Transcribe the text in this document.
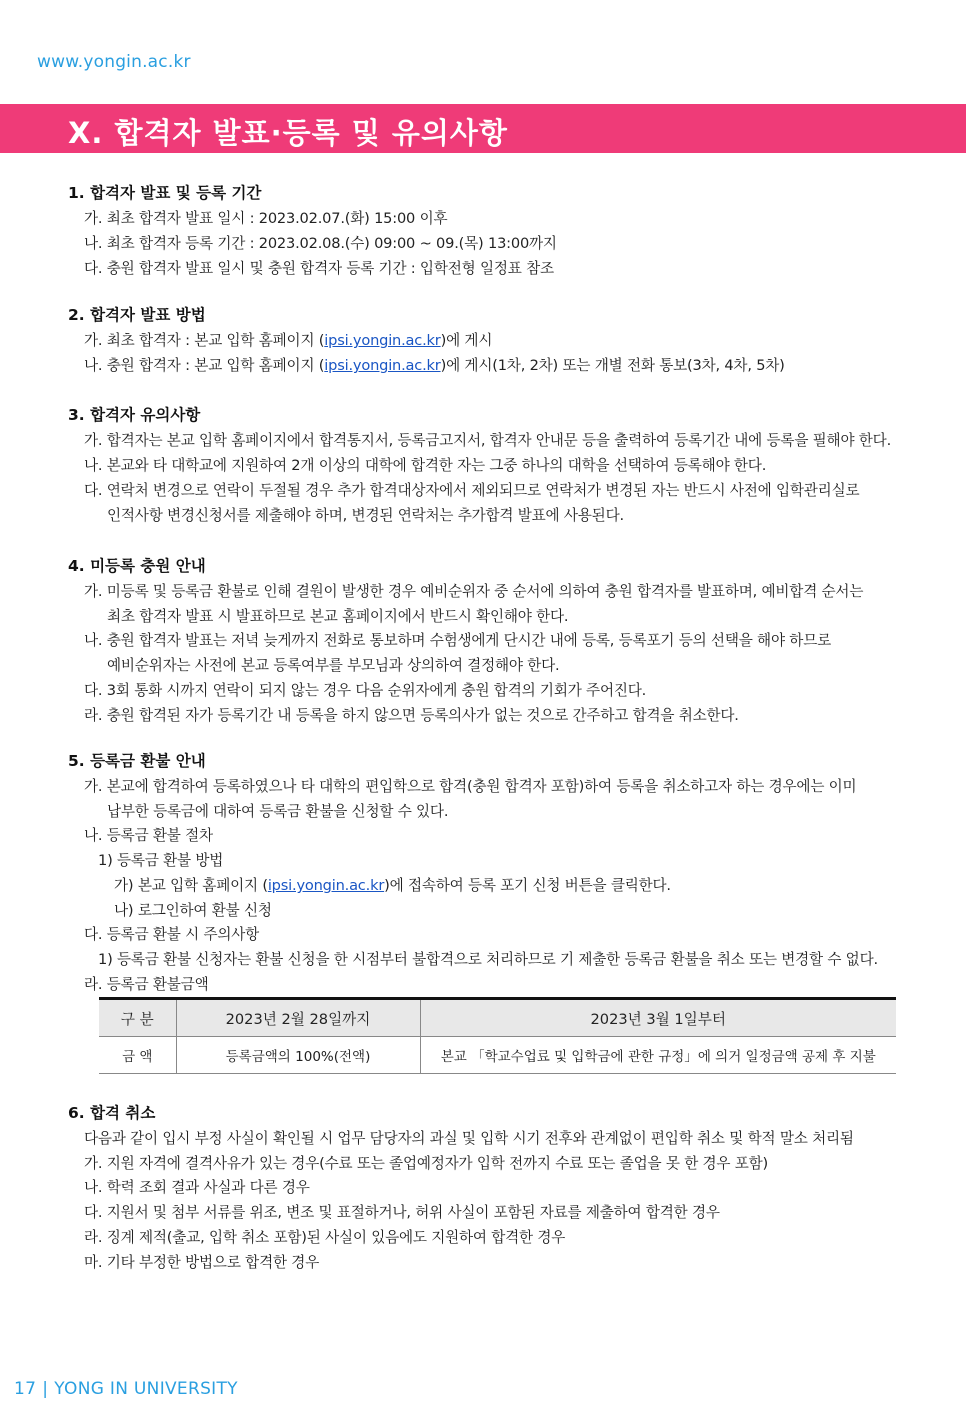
www.yongin.ac.kr
X. 합격자 발표·등록 및 유의사항
1. 합격자 발표 및 등록 기간
가. 최초 합격자 발표 일시 : 2023.02.07.(화) 15:00 이후
나. 최초 합격자 등록 기간 : 2023.02.08.(수) 09:00 ~ 09.(목) 13:00까지
다. 충원 합격자 발표 일시 및 충원 합격자 등록 기간 : 입학전형 일정표 참조
2. 합격자 발표 방법
가. 최초 합격자 : 본교 입학 홈페이지 (ipsi.yongin.ac.kr)에 게시
나. 충원 합격자 : 본교 입학 홈페이지 (ipsi.yongin.ac.kr)에 게시(1차, 2차) 또는 개별 전화 통보(3차, 4차, 5차)
3. 합격자 유의사항
가. 합격자는 본교 입학 홈페이지에서 합격통지서, 등록금고지서, 합격자 안내문 등을 출력하여 등록기간 내에 등록을 필해야 한다.
나. 본교와 타 대학교에 지원하여 2개 이상의 대학에 합격한 자는 그중 하나의 대학을 선택하여 등록해야 한다.
다. 연락처 변경으로 연락이 두절될 경우 추가 합격대상자에서 제외되므로 연락처가 변경된 자는 반드시 사전에 입학관리실로
인적사항 변경신청서를 제출해야 하며, 변경된 연락처는 추가합격 발표에 사용된다.
4. 미등록 충원 안내
가. 미등록 및 등록금 환불로 인해 결원이 발생한 경우 예비순위자 중 순서에 의하여 충원 합격자를 발표하며, 예비합격 순서는
최초 합격자 발표 시 발표하므로 본교 홈페이지에서 반드시 확인해야 한다.
나. 충원 합격자 발표는 저녁 늦게까지 전화로 통보하며 수험생에게 단시간 내에 등록, 등록포기 등의 선택을 해야 하므로
예비순위자는 사전에 본교 등록여부를 부모님과 상의하여 결정해야 한다.
다. 3회 통화 시까지 연락이 되지 않는 경우 다음 순위자에게 충원 합격의 기회가 주어진다.
라. 충원 합격된 자가 등록기간 내 등록을 하지 않으면 등록의사가 없는 것으로 간주하고 합격을 취소한다.
5. 등록금 환불 안내
가. 본교에 합격하여 등록하였으나 타 대학의 편입학으로 합격(충원 합격자 포함)하여 등록을 취소하고자 하는 경우에는 이미
납부한 등록금에 대하여 등록금 환불을 신청할 수 있다.
나. 등록금 환불 절차
1) 등록금 환불 방법
가) 본교 입학 홈페이지 (ipsi.yongin.ac.kr)에 접속하여 등록 포기 신청 버튼을 클릭한다.
나) 로그인하여 환불 신청
다. 등록금 환불 시 주의사항
1) 등록금 환불 신청자는 환불 신청을 한 시점부터 불합격으로 처리하므로 기 제출한 등록금 환불을 취소 또는 변경할 수 없다.
라. 등록금 환불금액
구 분	2023년 2월 28일까지	2023년 3월 1일부터
금 액	등록금액의 100%(전액)	본교 「학교수업료 및 입학금에 관한 규정」에 의거 일정금액 공제 후 지불
6. 합격 취소
다음과 같이 입시 부정 사실이 확인될 시 업무 담당자의 과실 및 입학 시기 전후와 관계없이 편입학 취소 및 학적 말소 처리됨
가. 지원 자격에 결격사유가 있는 경우(수료 또는 졸업예정자가 입학 전까지 수료 또는 졸업을 못 한 경우 포함)
나. 학력 조회 결과 사실과 다른 경우
다. 지원서 및 첨부 서류를 위조, 변조 및 표절하거나, 허위 사실이 포함된 자료를 제출하여 합격한 경우
라. 징계 제적(출교, 입학 취소 포함)된 사실이 있음에도 지원하여 합격한 경우
마. 기타 부정한 방법으로 합격한 경우
17 | YONG IN UNIVERSITY
